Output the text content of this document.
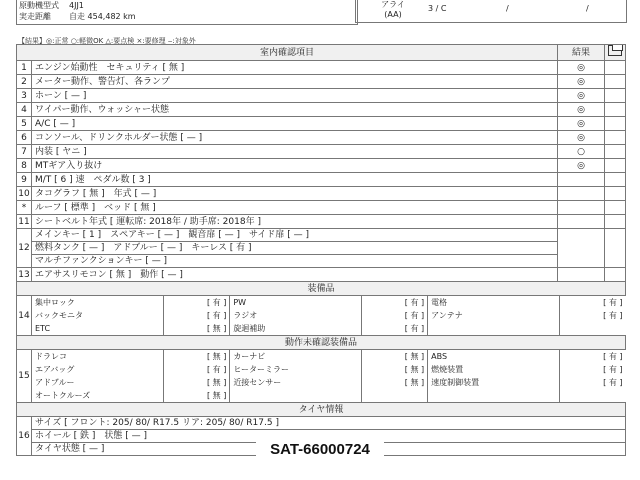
原動機型式 4JJ1
実走距離 自走 454,482 km
アライ
(AA)
3 / C	/	/
【結果】◎:正常 ○:軽微OK △:要点検 ×:要修理 ‒:対象外
室内確認項目	結果	
1	エンジン始動性　セキュリティ [ 無 ]	◎	
2	メーター動作、警告灯、各ランプ	◎	
3	ホーン [ — ]	◎	
4	ワイパー動作、ウォッシャー状態	◎	
5	A/C [ — ]	◎	
6	コンソール、ドリンクホルダー状態 [ — ]	◎	
7	内装 [ ヤニ ]	○	
8	MTギア入り抜け	◎	
9	M/T [ 6 ] 速　ペダル数 [ 3 ]		
10	タコグラフ [ 無 ]　年式 [ — ]		
*	ルーフ [ 標準 ]　ベッド [ 無 ]		
11	シートベルト年式 [ 運転席: 2018年 / 助手席: 2018年 ]		
12	メインキー [ 1 ]　スペアキー [ — ]　観音扉 [ — ]　サイド扉 [ — ]		
燃料タンク [ — ]　アドブルー [ — ]　キーレス [ 有 ]
マルチファンクションキー [ — ]
13	エアサスリモコン [ 無 ]　動作 [ — ]		
装備品
14	
集中ロック	[ 有 ]	PW	[ 有 ]	電格	[ 有 ]

バックモニタ	[ 有 ]	ラジオ	[ 有 ]	アンテナ	[ 有 ]

ETC	[ 無 ]	旋迴補助	[ 有 ]		

動作未確認装備品
15	
ドラレコ	[ 無 ]	カーナビ	[ 無 ]	ABS	[ 有 ]

エアバッグ	[ 有 ]	ヒーターミラー	[ 無 ]	燃焼装置	[ 有 ]

アドブルー	[ 無 ]	近接センサー	[ 無 ]	速度制御装置	[ 有 ]

オートクルーズ	[ 無 ]				

タイヤ情報
16	サイズ [ フロント: 205/ 80/ R17.5 リア: 205/ 80/ R17.5 ]
ホイール [ 鉄 ]　状態 [ — ]
タイヤ状態 [ — ]	SAT-66000724
